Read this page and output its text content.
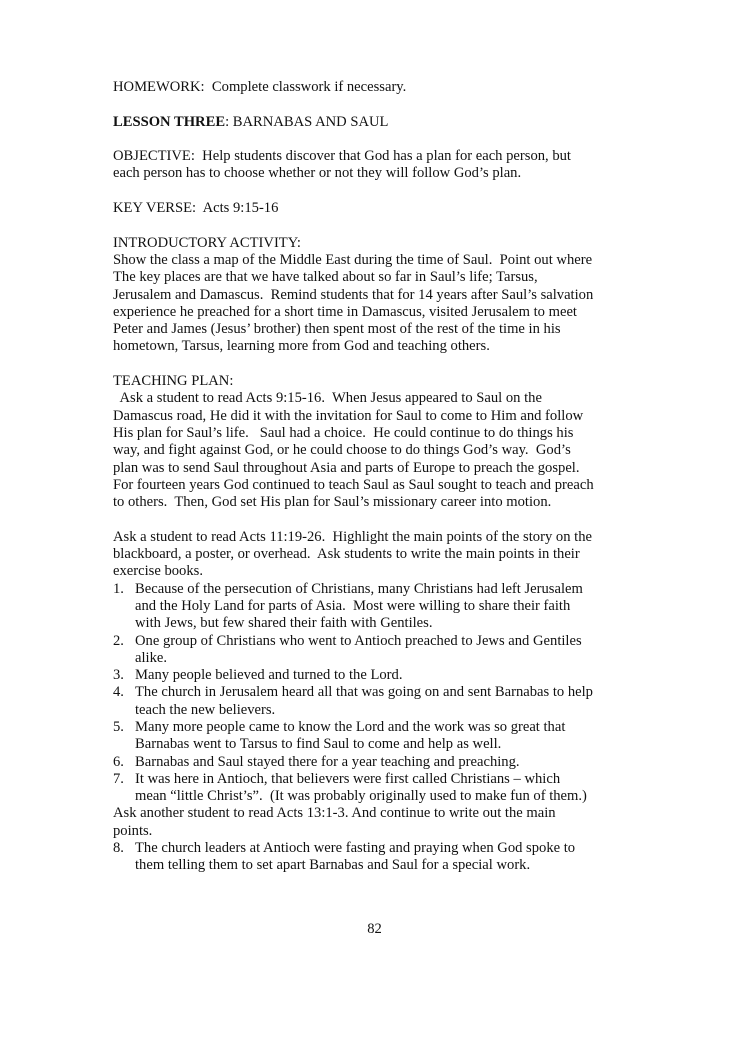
HOMEWORK: Complete classwork if necessary.
LESSON THREE: BARNABAS AND SAUL
OBJECTIVE:  Help students discover that God has a plan for each person, but
each person has to choose whether or not they will follow God’s plan.
KEY VERSE:  Acts 9:15-16
INTRODUCTORY ACTIVITY:
Show the class a map of the Middle East during the time of Saul.  Point out where
The key places are that we have talked about so far in Saul’s life; Tarsus,
Jerusalem and Damascus.  Remind students that for 14 years after Saul’s salvation
experience he preached for a short time in Damascus, visited Jerusalem to meet
Peter and James (Jesus’ brother) then spent most of the rest of the time in his
hometown, Tarsus, learning more from God and teaching others.
TEACHING PLAN:
Ask a student to read Acts 9:15-16.  When Jesus appeared to Saul on the
Damascus road, He did it with the invitation for Saul to come to Him and follow
His plan for Saul’s life.   Saul had a choice.  He could continue to do things his
way, and fight against God, or he could choose to do things God’s way.  God’s
plan was to send Saul throughout Asia and parts of Europe to preach the gospel.
For fourteen years God continued to teach Saul as Saul sought to teach and preach
to others.  Then, God set His plan for Saul’s missionary career into motion.
Ask a student to read Acts 11:19-26.  Highlight the main points of the story on the
blackboard, a poster, or overhead.  Ask students to write the main points in their
exercise books.
1. Because of the persecution of Christians, many Christians had left Jerusalem
and the Holy Land for parts of Asia.  Most were willing to share their faith
with Jews, but few shared their faith with Gentiles.
2. One group of Christians who went to Antioch preached to Jews and Gentiles
alike.
3. Many people believed and turned to the Lord.
4. The church in Jerusalem heard all that was going on and sent Barnabas to help
teach the new believers.
5. Many more people came to know the Lord and the work was so great that
Barnabas went to Tarsus to find Saul to come and help as well.
6. Barnabas and Saul stayed there for a year teaching and preaching.
7. It was here in Antioch, that believers were first called Christians – which
mean “little Christ’s”.  (It was probably originally used to make fun of them.)
Ask another student to read Acts 13:1-3. And continue to write out the main
points.
8. The church leaders at Antioch were fasting and praying when God spoke to
them telling them to set apart Barnabas and Saul for a special work.
82
